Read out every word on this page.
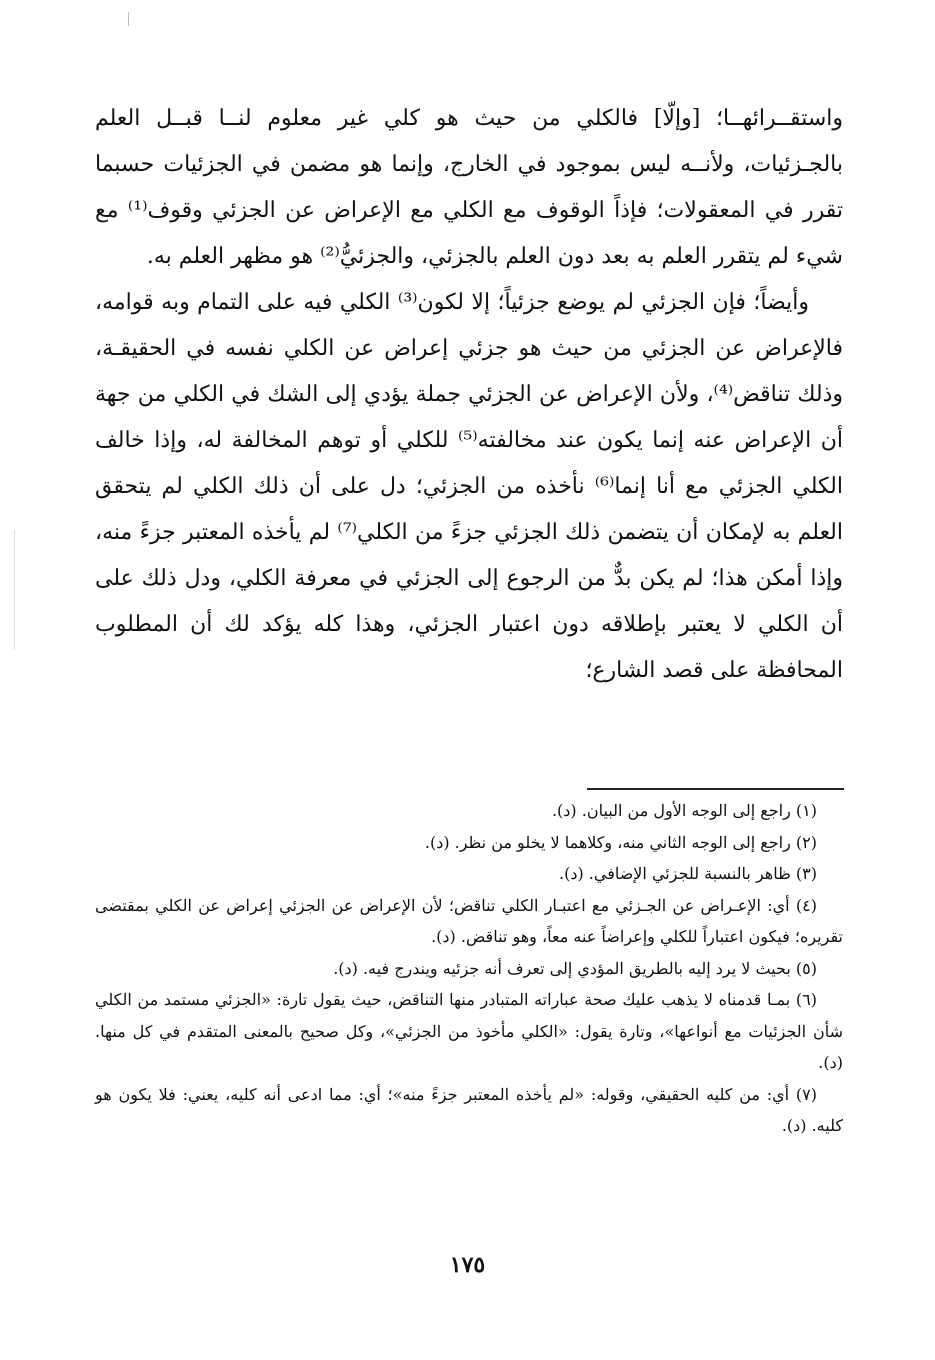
واستقــرائهــا؛ [وإلّا] فالكلي من حيث هو كلي غير معلوم لنــا قبــل العلم بالجـزئيات، ولأنــه ليس بموجود في الخارج، وإنما هو مضمن في الجزئيات حسبما تقرر في المعقولات؛ فإذاً الوقوف مع الكلي مع الإعراض عن الجزئي وقوف⁽¹⁾ مع شيء لم يتقرر العلم به بعد دون العلم بالجزئي، والجزئيُّ⁽²⁾ هو مظهر العلم به.

وأيضاً؛ فإن الجزئي لم يوضع جزئياً؛ إلا لكون⁽³⁾ الكلي فيه على التمام وبه قوامه، فالإعراض عن الجزئي من حيث هو جزئي إعراض عن الكلي نفسه في الحقيقـة، وذلك تناقض⁽⁴⁾، ولأن الإعراض عن الجزئي جملة يؤدي إلى الشك في الكلي من جهة أن الإعراض عنه إنما يكون عند مخالفته⁽⁵⁾ للكلي أو توهم المخالفة له، وإذا خالف الكلي الجزئي مع أنا إنما⁽⁶⁾ نأخذه من الجزئي؛ دل على أن ذلك الكلي لم يتحقق العلم به لإمكان أن يتضمن ذلك الجزئي جزءً من الكلي⁽⁷⁾ لم يأخذه المعتبر جزءً منه، وإذا أمكن هذا؛ لم يكن بدٌّ من الرجوع إلى الجزئي في معرفة الكلي، ودل ذلك على أن الكلي لا يعتبر بإطلاقه دون اعتبار الجزئي، وهذا كله يؤكد لك أن المطلوب المحافظة على قصد الشارع؛

(١) راجع إلى الوجه الأول من البيان. (د).

(٢) راجع إلى الوجه الثاني منه، وكلاهما لا يخلو من نظر. (د).

(٣) ظاهر بالنسبة للجزئي الإضافي. (د).

(٤) أي: الإعـراض عن الجـزئي مع اعتبـار الكلي تناقض؛ لأن الإعراض عن الجزئي إعراض عن الكلي بمقتضى تقريره؛ فيكون اعتباراً للكلي وإعراضاً عنه معاً، وهو تناقض. (د).

(٥) بحيث لا يرد إليه بالطريق المؤدي إلى تعرف أنه جزئيه ويندرج فيه. (د).

(٦) بمـا قدمناه لا يذهب عليك صحة عباراته المتبادر منها التناقض، حيث يقول تارة: «الجزئي مستمد من الكلي شأن الجزئيات مع أنواعها»، وتارة يقول: «الكلي مأخوذ من الجزئي»، وكل صحيح بالمعنى المتقدم في كل منها. (د).

(٧) أي: من كليه الحقيقي، وقوله: «لم يأخذه المعتبر جزءً منه»؛ أي: مما ادعى أنه كليه، يعني: فلا يكون هو كليه. (د).

١٧٥
